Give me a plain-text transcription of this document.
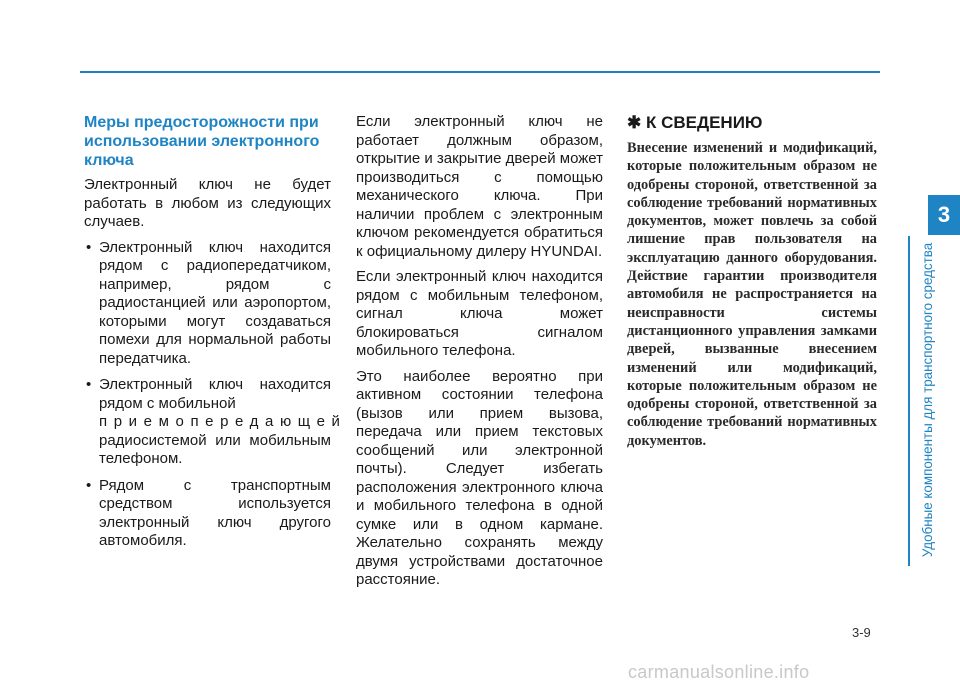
Меры предосторожности при использовании электронного ключа

Электронный ключ не будет работать в любом из следующих случаев.

• Электронный ключ находится рядом с радиопередатчиком, например, рядом с радиостанцией или аэропортом, которыми могут создаваться помехи для нормальной работы передатчика.
• Электронный ключ находится рядом с мобильной
приемопередающей
радиосистемой или мобильным телефоном.
• Рядом с транспортным средством используется электронный ключ другого автомобиля.

Если электронный ключ не работает должным образом, открытие и закрытие дверей может производиться с помощью механического ключа. При наличии проблем с электронным ключом рекомендуется обратиться к официальному дилеру HYUNDAI.

Если электронный ключ находится рядом с мобильным телефоном, сигнал ключа может блокироваться сигналом мобильного телефона.

Это наиболее вероятно при активном состоянии телефона (вызов или прием вызова, передача или прием текстовых сообщений или электронной почты). Следует избегать расположения электронного ключа и мобильного телефона в одной сумке или в одном кармане. Желательно сохранять между двумя устройствами достаточное расстояние.

✱ К СВЕДЕНИЮ
Внесение изменений и модификаций, которые положительным образом не одобрены стороной, ответственной за соблюдение требований нормативных документов, может повлечь за собой лишение прав пользователя на эксплуатацию данного оборудования. Действие гарантии производителя автомобиля не распространяется на неисправности системы дистанционного управления замками дверей, вызванные внесением изменений или модификаций, которые положительным образом не одобрены стороной, ответственной за соблюдение требований нормативных документов.
3
Удобные компоненты для транспортного средства
3-9
carmanualsonline.info
